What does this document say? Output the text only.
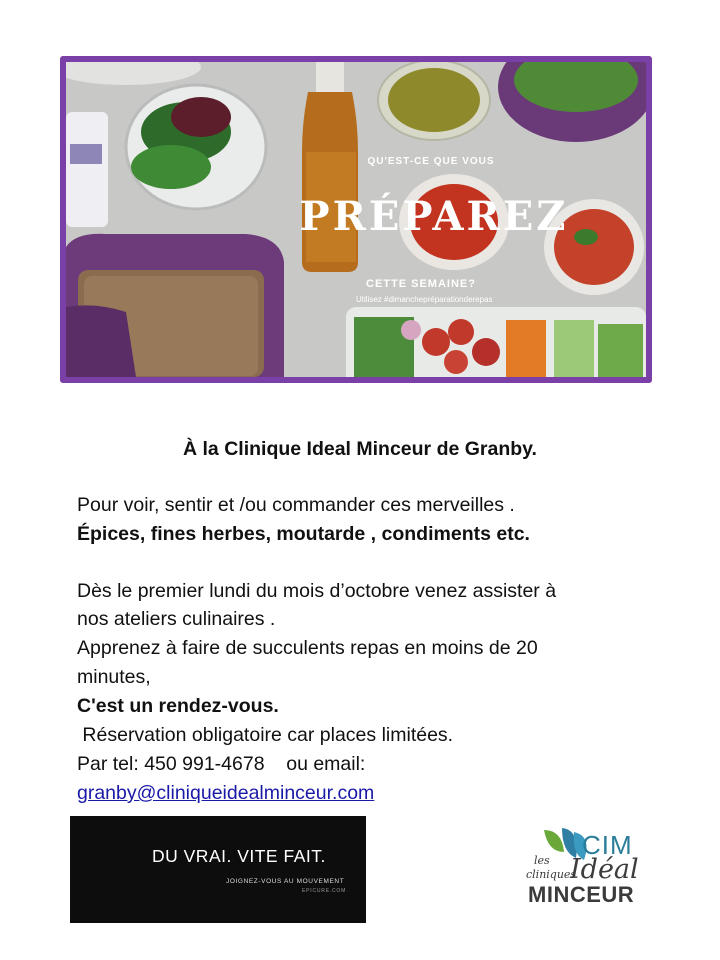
QU'EST-CE QUE VOUS
PRÉPAREZ
CETTE SEMAINE?
Utilisez #dimanchepréparationderepas
À la Clinique Ideal Minceur de Granby.
Pour voir, sentir et /ou commander ces merveilles .
Épices, fines herbes, moutarde , condiments etc.
Dès le premier lundi du mois d’octobre venez assister à
nos ateliers culinaires .
Apprenez à faire de succulents repas en moins de 20
minutes,
C'est un rendez-vous.
Réservation obligatoire car places limitées.
Par tel: 450 991-4678    ou email:
granby@cliniqueidealminceur.com
DU VRAI. VITE FAIT.
JOIGNEZ-VOUS AU MOUVEMENT
EPICURE.COM
CIM
les
cliniques
Idéal
MINCEUR
